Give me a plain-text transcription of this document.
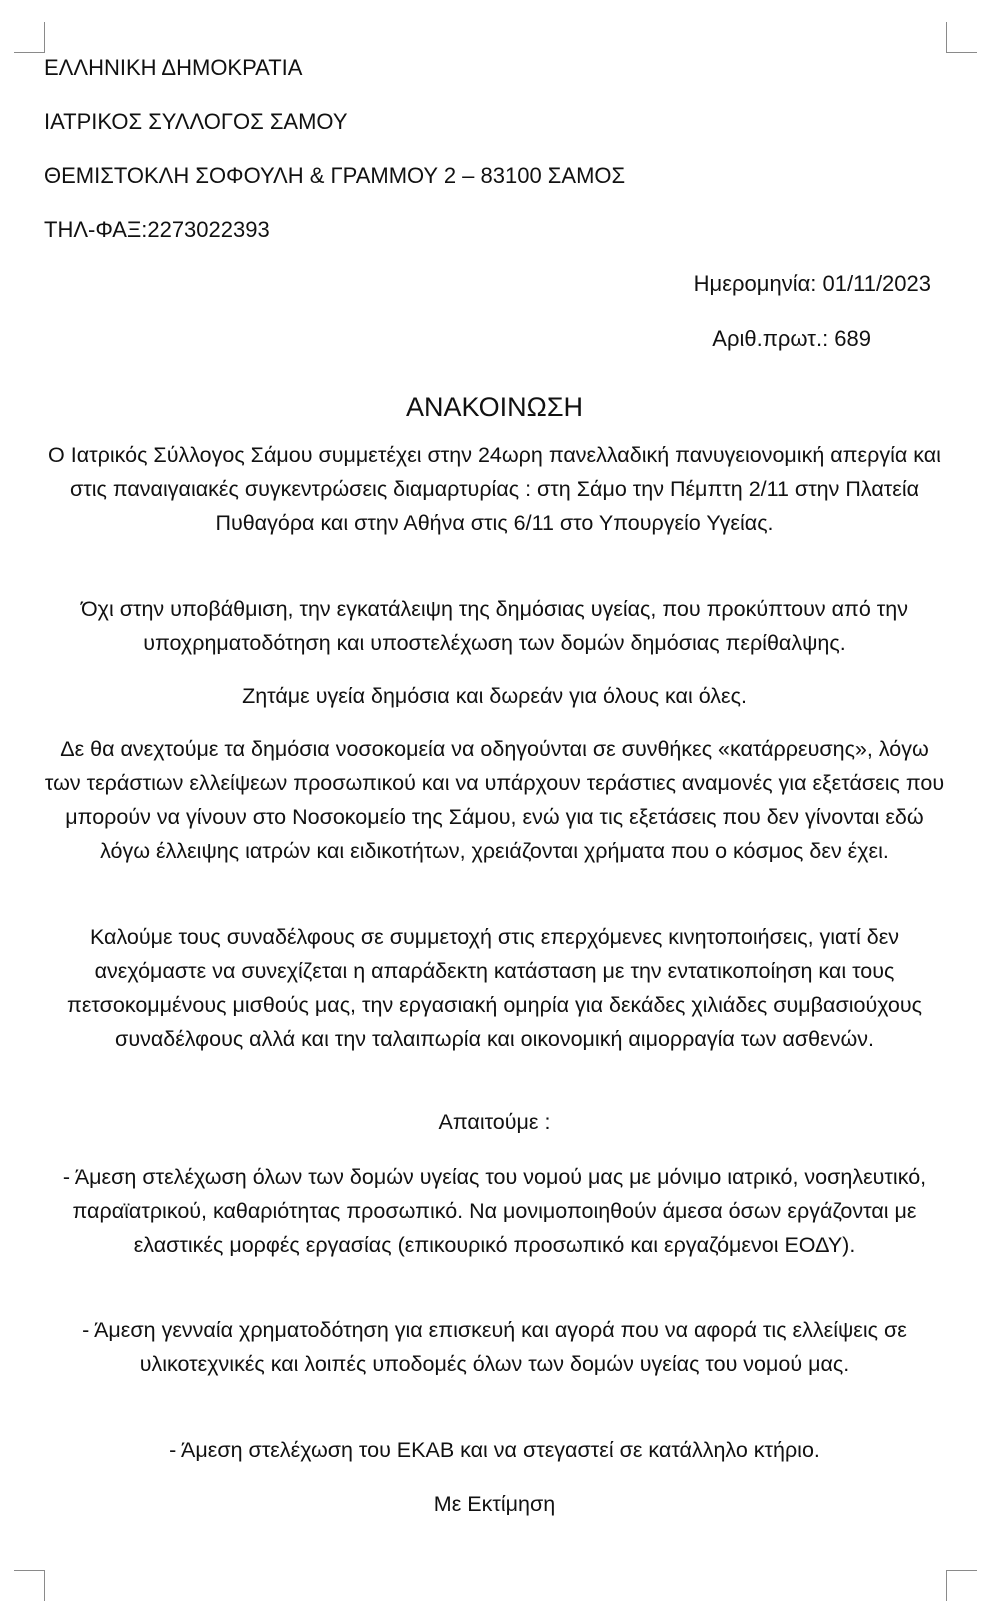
ΕΛΛΗΝΙΚΗ ΔΗΜΟΚΡΑΤΙΑ
ΙΑΤΡΙΚΟΣ ΣΥΛΛΟΓΟΣ ΣΑΜΟΥ
ΘΕΜΙΣΤΟΚΛΗ ΣΟΦΟΥΛΗ & ΓΡΑΜΜΟΥ 2 – 83100 ΣΑΜΟΣ
ΤΗΛ-ΦΑΞ:2273022393
Ημερομηνία: 01/11/2023
Αριθ.πρωτ.: 689
ΑΝΑΚΟΙΝΩΣΗ

Ο Ιατρικός Σύλλογος Σάμου συμμετέχει στην 24ωρη πανελλαδική πανυγειονομική απεργία και στις παναιγαιακές συγκεντρώσεις διαμαρτυρίας : στη Σάμο την Πέμπτη 2/11 στην Πλατεία Πυθαγόρα και στην Αθήνα στις 6/11 στο Υπουργείο Υγείας.

Όχι στην υποβάθμιση, την εγκατάλειψη της δημόσιας υγείας, που προκύπτουν από την υποχρηματοδότηση και υποστελέχωση των δομών δημόσιας περίθαλψης.

Ζητάμε υγεία δημόσια και δωρεάν για όλους και όλες.

Δε θα ανεχτούμε τα δημόσια νοσοκομεία να οδηγούνται σε συνθήκες «κατάρρευσης», λόγω των τεράστιων ελλείψεων προσωπικού και να υπάρχουν τεράστιες αναμονές για εξετάσεις που μπορούν να γίνουν στο Νοσοκομείο της Σάμου, ενώ για τις εξετάσεις που δεν γίνονται εδώ λόγω έλλειψης ιατρών και ειδικοτήτων, χρειάζονται χρήματα που ο κόσμος δεν έχει.

Καλούμε τους συναδέλφους σε συμμετοχή στις επερχόμενες κινητοποιήσεις, γιατί δεν ανεχόμαστε να συνεχίζεται η απαράδεκτη κατάσταση με την εντατικοποίηση και τους πετσοκομμένους μισθούς μας, την εργασιακή ομηρία για δεκάδες χιλιάδες συμβασιούχους συναδέλφους αλλά και την ταλαιπωρία και οικονομική αιμορραγία των ασθενών.

Απαιτούμε :

- Άμεση στελέχωση όλων των δομών υγείας του νομού μας με μόνιμο ιατρικό, νοσηλευτικό, παραϊατρικού, καθαριότητας προσωπικό. Να μονιμοποιηθούν άμεσα όσων εργάζονται με ελαστικές μορφές εργασίας (επικουρικό προσωπικό και εργαζόμενοι ΕΟΔΥ).

- Άμεση γενναία χρηματοδότηση για επισκευή και αγορά που να αφορά τις ελλείψεις σε υλικοτεχνικές και λοιπές υποδομές όλων των δομών υγείας του νομού μας.

- Άμεση στελέχωση του ΕΚΑΒ και να στεγαστεί σε κατάλληλο κτήριο.

Με Εκτίμηση
